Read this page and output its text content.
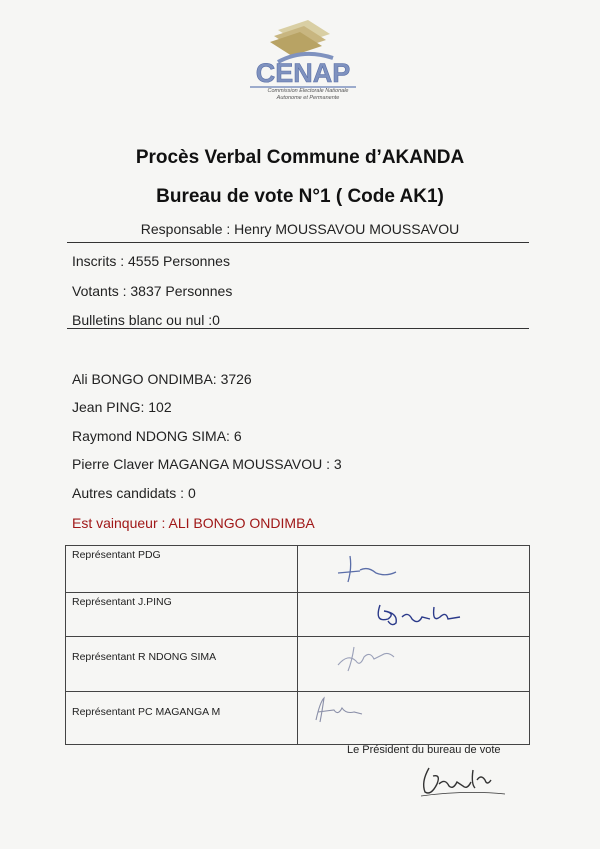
CENAP
Commission Electorale Nationale
Autonome et Permanente
Procès Verbal Commune d’AKANDA
Bureau de vote N°1 ( Code AK1)
Responsable : Henry MOUSSAVOU MOUSSAVOU
Inscrits : 4555 Personnes
Votants : 3837 Personnes
Bulletins blanc ou nul :0
Ali BONGO ONDIMBA: 3726
Jean PING: 102
Raymond NDONG SIMA: 6
Pierre Claver MAGANGA MOUSSAVOU : 3
Autres candidats : 0
Est vainqueur : ALI BONGO ONDIMBA
Représentant PDG	

Représentant J.PING	

Représentant R NDONG SIMA	

Représentant PC MAGANGA M	
Le Président du bureau de vote
